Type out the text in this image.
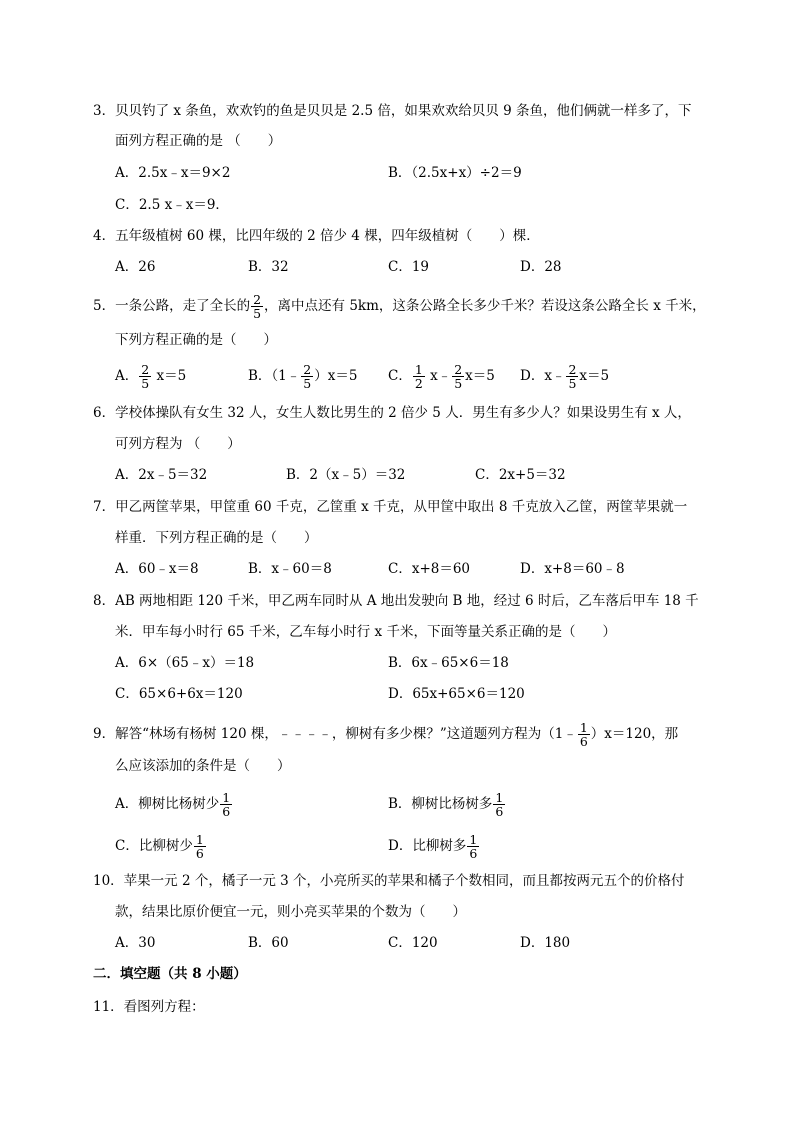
3．贝贝钓了 x 条鱼，欢欢钓的鱼是贝贝是 2.5 倍，如果欢欢给贝贝 9 条鱼，他们俩就一样多了，下
面列方程正确的是 （　　）
A．2.5x﹣x＝9×2	B．（2.5x+x）÷2＝9
C．2.5 x﹣x＝9．
4．五年级植树 60 棵，比四年级的 2 倍少 4 棵，四年级植树（　　）棵．
A．26	B．32	C．19	D．28
5．一条公路，走了全长的 $\frac{2}{5}$ ，离中点还有 5km，这条公路全长多少千米？若设这条公路全长 x 千米，
下列方程正确的是（　　）
A． $\frac{2}{5} x=5$	B．（1﹣ $\frac{2}{5} )x=5$ C． $\frac{1}{2}$ x﹣ $\frac{2}{5} x=5$ D．x﹣ $\frac{2}{5} x=5$
6．学校体操队有女生 32 人，女生人数比男生的 2 倍少 5 人．男生有多少人？如果设男生有 x 人，
可列方程为 （　　）
A．2x﹣5＝32	B．2（x﹣5）＝32	C．2x+5＝32
7．甲乙两筐苹果，甲筐重 60 千克，乙筐重 x 千克，从甲筐中取出 8 千克放入乙筐，两筐苹果就一
样重．下列方程正确的是（　　）
A．60﹣x＝8	B．x﹣60＝8	C．x+8＝60	D．x+8＝60﹣8
8．AB 两地相距 120 千米，甲乙两车同时从 A 地出发驶向 B 地，经过 6 时后，乙车落后甲车 18 千
米．甲车每小时行 65 千米，乙车每小时行 x 千米，下面等量关系正确的是（　　）
A．6×（65﹣x）＝18	B．6x﹣65×6＝18
C．65×6+6x＝120	D．65x+65×6＝120
9．解答“林场有杨树 120 棵，﹣﹣﹣﹣，柳树有多少棵？”这道题列方程为（1﹣ $\frac{1}{6} )x=120$，那
么应该添加的条件是（　　）
A．柳树比杨树少 $\frac{1}{6}$	B．柳树比杨树多 $\frac{1}{6}$
C．比柳树少 $\frac{1}{6}$	D．比柳树多 $\frac{1}{6}$
10．苹果一元 2 个，橘子一元 3 个，小亮所买的苹果和橘子个数相同，而且都按两元五个的价格付
款，结果比原价便宜一元，则小亮买苹果的个数为（　　）
A．30	B．60	C．120	D．180
二．填空题（共 8 小题）
11．看图列方程：
